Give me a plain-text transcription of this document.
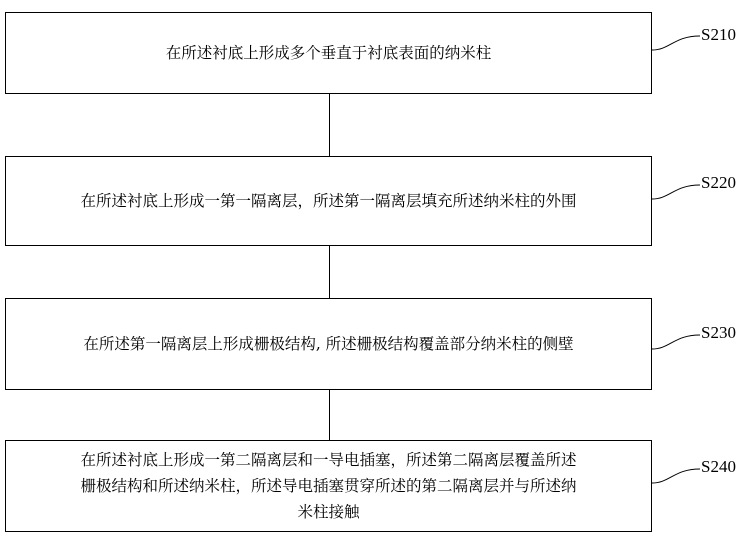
在所述衬底上形成多个垂直于衬底表面的纳米柱
S210
在所述衬底上形成一第一隔离层，所述第一隔离层填充所述纳米柱的外围
S220
在所述第一隔离层上形成栅极结构, 所述栅极结构覆盖部分纳米柱的侧壁
S230
在所述衬底上形成一第二隔离层和一导电插塞，所述第二隔离层覆盖所述
栅极结构和所述纳米柱，所述导电插塞贯穿所述的第二隔离层并与所述纳
米柱接触
S240
